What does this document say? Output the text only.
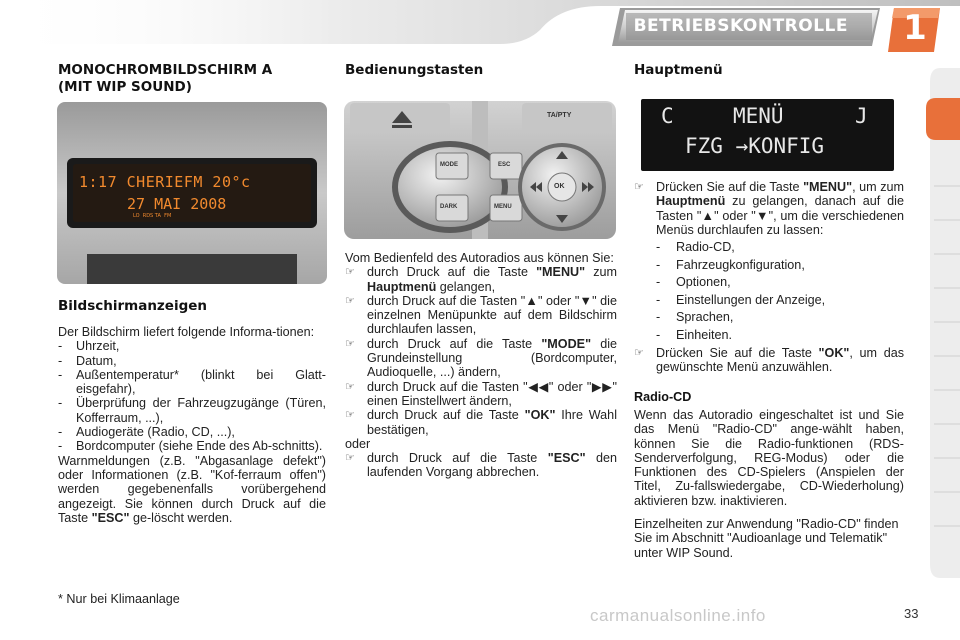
BETRIEBSKONTROLLE	1
MONOCHROMBILDSCHIRM A
(MIT WIP SOUND)
1:17 CHERIEFM 20°c
27 MAI 2008
LO  RDS TA  FM
Bildschirmanzeigen

Der Bildschirm liefert folgende Informa-tionen:

-	Uhrzeit,
-	Datum,
-	Außentemperatur* (blinkt bei Glatt-eisgefahr),
-	Überprüfung der Fahrzeugzugänge (Türen, Kofferraum, ...),
-	Audiogeräte (Radio, CD, ...),
-	Bordcomputer (siehe Ende des Ab-schnitts).

Warnmeldungen (z.B. "Abgasanlage defekt") oder Informationen (z.B. "Kof-ferraum offen") werden gegebenenfalls vorübergehend angezeigt. Sie können durch Druck auf die Taste "ESC" ge-löscht werden.

* Nur bei Klimaanlage
Bedienungstasten
MODE	ESC
DARK	MENU
OK
TA/PTY

Vom Bedienfeld des Autoradios aus können Sie:

☞ durch Druck auf die Taste "MENU" zum Hauptmenü gelangen,
☞ durch Druck auf die Tasten "▲" oder "▼" die einzelnen Menüpunkte auf dem Bildschirm durchlaufen lassen,
☞ durch Druck auf die Taste "MODE" die Grundeinstellung (Bordcomputer, Audioquelle, ...) ändern,
☞ durch Druck auf die Tasten "◀◀" oder "▶▶" einen Einstellwert ändern,
☞ durch Druck auf die Taste "OK" Ihre Wahl bestätigen,

oder

☞ durch Druck auf die Taste "ESC" den laufenden Vorgang abbrechen.
Hauptmenü
C	MENÜ	J
FZG →KONFIG
☞ Drücken Sie auf die Taste "MENU", um zum Hauptmenü zu gelangen, danach auf die Tasten "▲" oder "▼", um die verschiedenen Menüs durchlaufen zu lassen:
-	Radio-CD,
-	Fahrzeugkonfiguration,
-	Optionen,
-	Einstellungen der Anzeige,
-	Sprachen,
-	Einheiten.
☞ Drücken Sie auf die Taste "OK", um das gewünschte Menü anzuwählen.
Radio-CD
Wenn das Autoradio eingeschaltet ist und Sie das Menü "Radio-CD" ange-wählt haben, können Sie die Radio-funktionen (RDS-Senderverfolgung, REG-Modus) oder die Funktionen des CD-Spielers (Anspielen der Titel, Zu-fallswiedergabe, CD-Wiederholung) aktivieren bzw. inaktivieren.
Einzelheiten zur Anwendung "Radio-CD" finden Sie im Abschnitt "Audioanlage und Telematik" unter WIP Sound.
carmanualsonline.info	33
